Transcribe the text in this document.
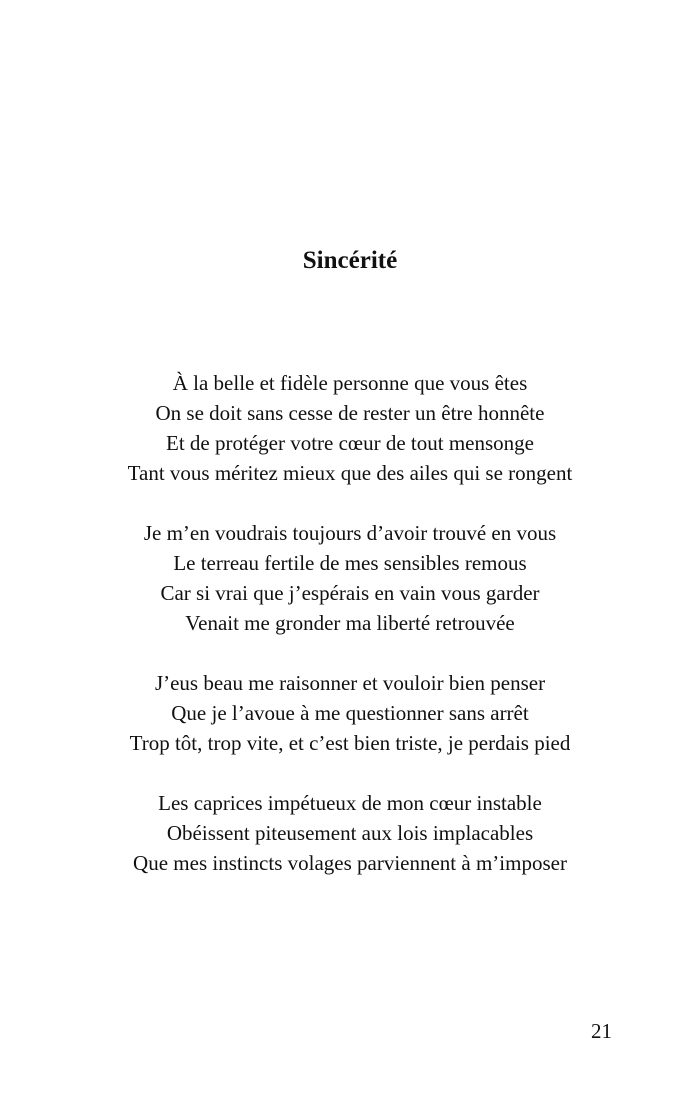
Sincérité
À la belle et fidèle personne que vous êtes
On se doit sans cesse de rester un être honnête
Et de protéger votre cœur de tout mensonge
Tant vous méritez mieux que des ailes qui se rongent
Je m’en voudrais toujours d’avoir trouvé en vous
Le terreau fertile de mes sensibles remous
Car si vrai que j’espérais en vain vous garder
Venait me gronder ma liberté retrouvée
J’eus beau me raisonner et vouloir bien penser
Que je l’avoue à me questionner sans arrêt
Trop tôt, trop vite, et c’est bien triste, je perdais pied
Les caprices impétueux de mon cœur instable
Obéissent piteusement aux lois implacables
Que mes instincts volages parviennent à m’imposer
21
